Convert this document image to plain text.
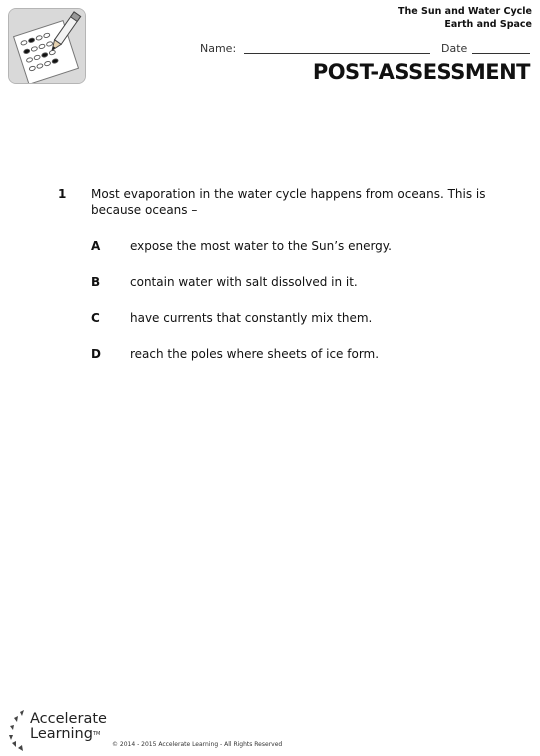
The Sun and Water Cycle
Earth and Space
Name:	Date
POST-ASSESSMENT
1 Most evaporation in the water cycle happens from oceans. This is because oceans –
A expose the most water to the Sun’s energy.
B contain water with salt dissolved in it.
C	have currents that constantly mix them.
D reach the poles where sheets of ice form.
Accelerate
Learning™
© 2014 - 2015 Accelerate Learning - All Rights Reserved
